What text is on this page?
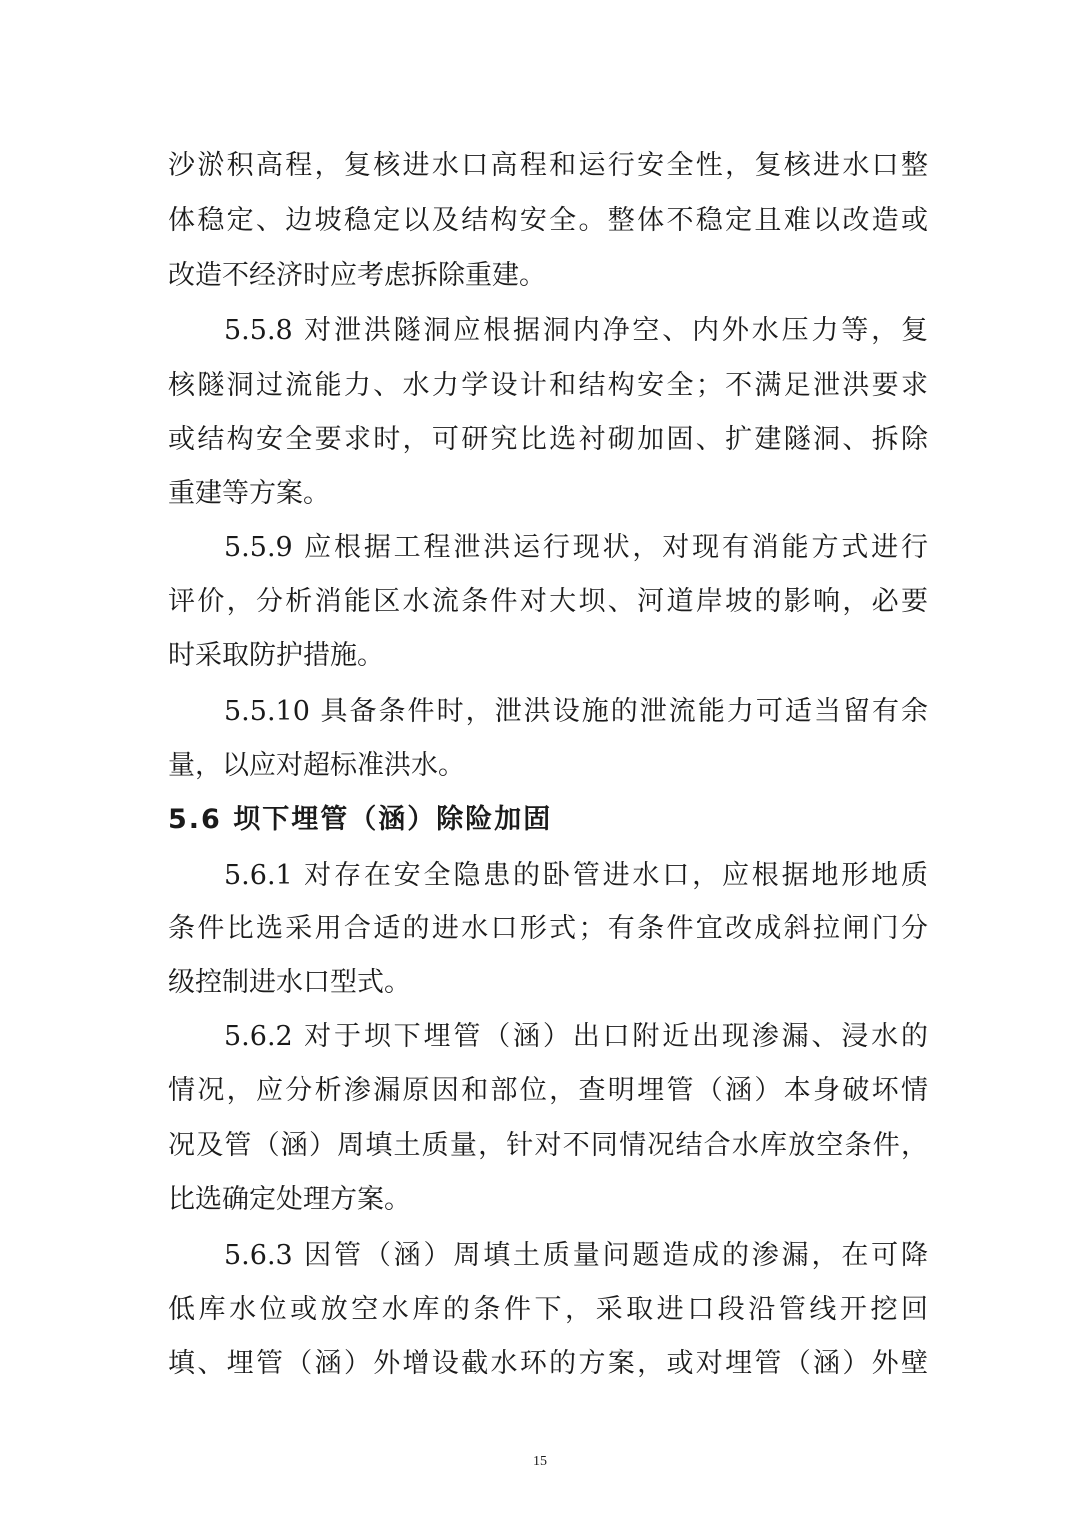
沙淤积高程，复核进水口高程和运行安全性，复核进水口整
体稳定、边坡稳定以及结构安全。整体不稳定且难以改造或
改造不经济时应考虑拆除重建。
5.5.8 对泄洪隧洞应根据洞内净空、内外水压力等，复
核隧洞过流能力、水力学设计和结构安全；不满足泄洪要求
或结构安全要求时，可研究比选衬砌加固、扩建隧洞、拆除
重建等方案。
5.5.9 应根据工程泄洪运行现状，对现有消能方式进行
评价，分析消能区水流条件对大坝、河道岸坡的影响，必要
时采取防护措施。
5.5.10 具备条件时，泄洪设施的泄流能力可适当留有余
量，以应对超标准洪水。
5.6 坝下埋管（涵）除险加固
5.6.1 对存在安全隐患的卧管进水口，应根据地形地质
条件比选采用合适的进水口形式；有条件宜改成斜拉闸门分
级控制进水口型式。
5.6.2 对于坝下埋管（涵）出口附近出现渗漏、浸水的
情况，应分析渗漏原因和部位，查明埋管（涵）本身破坏情
况及管（涵）周填土质量，针对不同情况结合水库放空条件，
比选确定处理方案。
5.6.3 因管（涵）周填土质量问题造成的渗漏，在可降
低库水位或放空水库的条件下，采取进口段沿管线开挖回
填、埋管（涵）外增设截水环的方案，或对埋管（涵）外壁
15
